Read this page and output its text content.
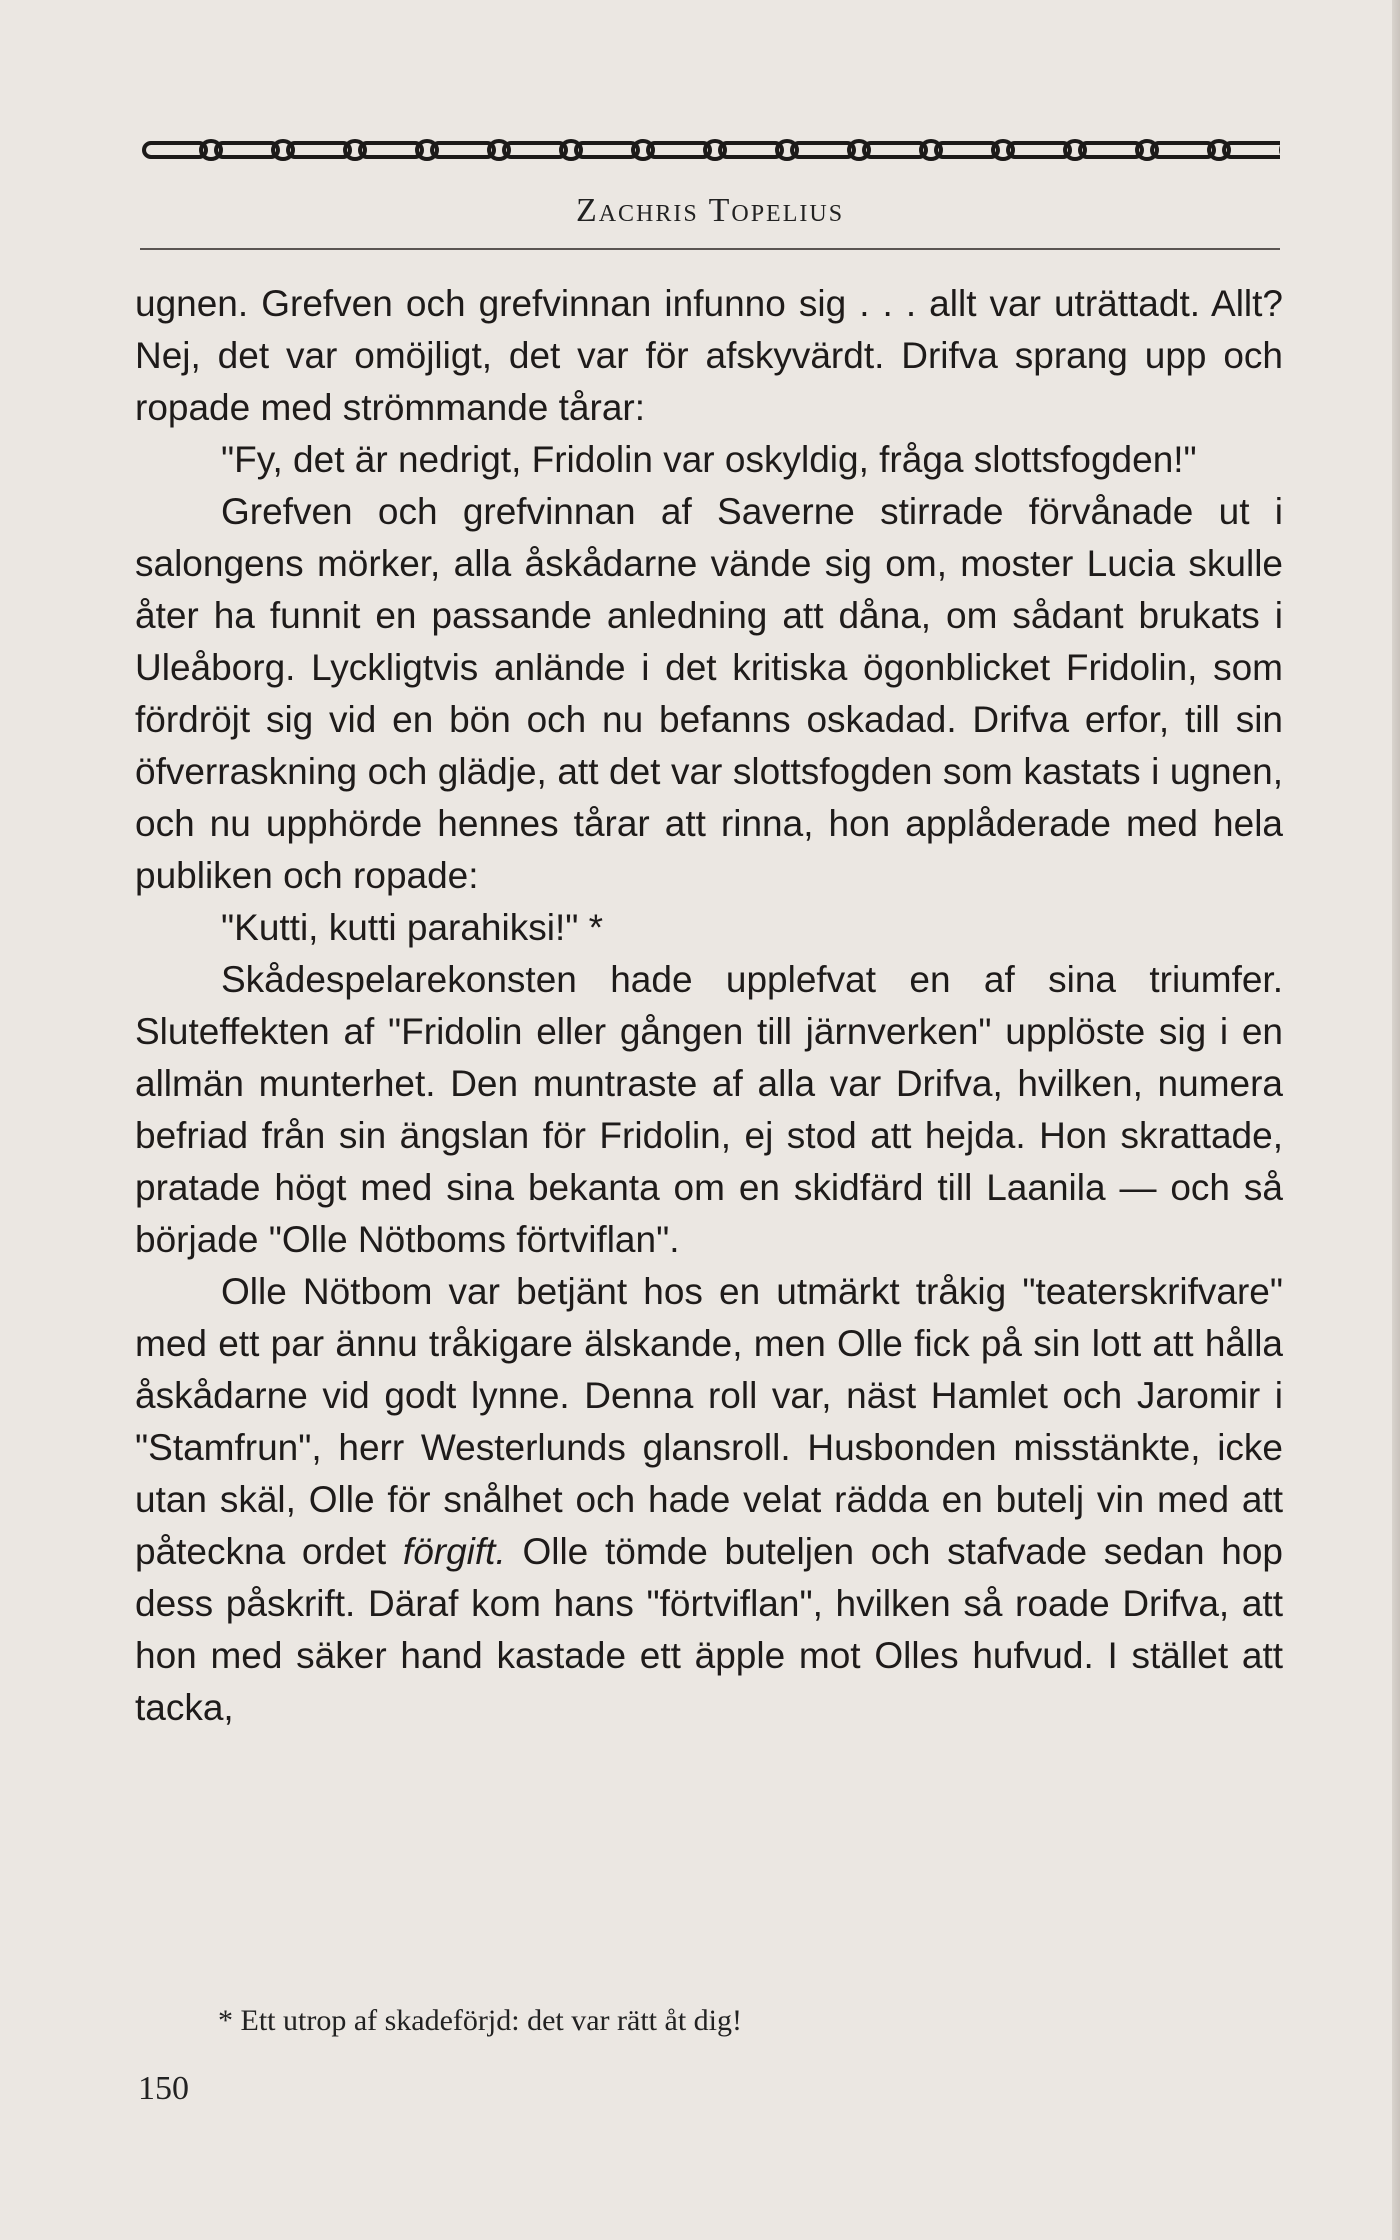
Zachris Topelius

ugnen. Grefven och grefvinnan infunno sig . . . allt var uträttadt. Allt? Nej, det var omöjligt, det var för afskyvärdt. Drifva sprang upp och ropade med strömmande tårar:

"Fy, det är nedrigt, Fridolin var oskyldig, fråga slottsfogden!"

Grefven och grefvinnan af Saverne stirrade förvånade ut i salongens mörker, alla åskådarne vände sig om, moster Lucia skulle åter ha funnit en passande anledning att dåna, om sådant brukats i Uleåborg. Lyckligtvis anlände i det kritiska ögonblicket Fridolin, som fördröjt sig vid en bön och nu befanns oskadad. Drifva erfor, till sin öfverraskning och glädje, att det var slottsfogden som kastats i ugnen, och nu upphörde hennes tårar att rinna, hon applåderade med hela publiken och ropade:

"Kutti, kutti parahiksi!" *

Skådespelarekonsten hade upplefvat en af sina triumfer. Sluteffekten af "Fridolin eller gången till järnverken" upplöste sig i en allmän munterhet. Den muntraste af alla var Drifva, hvilken, numera befriad från sin ängslan för Fridolin, ej stod att hejda. Hon skrattade, pratade högt med sina bekanta om en skidfärd till Laanila — och så började "Olle Nötboms förtviflan".

Olle Nötbom var betjänt hos en utmärkt tråkig "teaterskrifvare" med ett par ännu tråkigare älskande, men Olle fick på sin lott att hålla åskådarne vid godt lynne. Denna roll var, näst Hamlet och Jaromir i "Stamfrun", herr Westerlunds glansroll. Husbonden misstänkte, icke utan skäl, Olle för snålhet och hade velat rädda en butelj vin med att påteckna ordet förgift. Olle tömde buteljen och stafvade sedan hop dess påskrift. Däraf kom hans "förtviflan", hvilken så roade Drifva, att hon med säker hand kastade ett äpple mot Olles hufvud. I stället att tacka,

* Ett utrop af skadeförjd: det var rätt åt dig!
150
